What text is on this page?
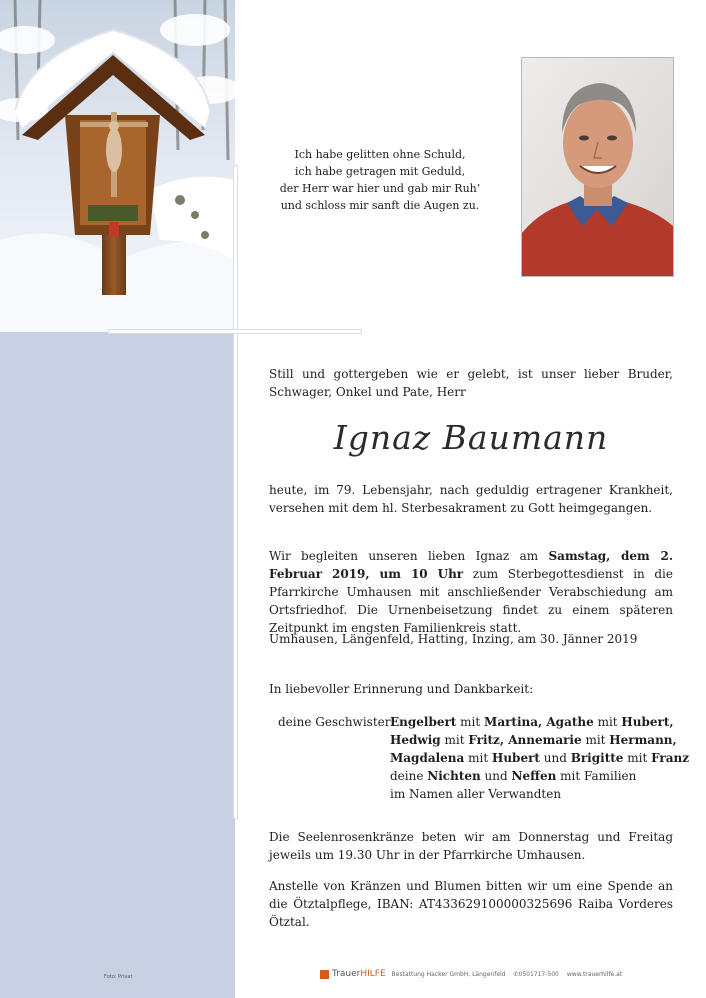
Ich habe gelitten ohne Schuld,
ich habe getragen mit Geduld,
der Herr war hier und gab mir Ruh’
und schloss mir sanft die Augen zu.
Still und gottergeben wie er gelebt, ist unser lieber Bruder, Schwager, Onkel und Pate, Herr
Ignaz Baumann
heute, im 79. Lebensjahr, nach geduldig ertragener Krankheit, versehen mit dem hl. Sterbesakrament zu Gott heimgegangen.
Wir begleiten unseren lieben Ignaz am Samstag, dem 2. Februar 2019, um 10 Uhr zum Sterbegottesdienst in die Pfarrkirche Umhausen mit anschließender Verabschiedung am Ortsfriedhof. Die Urnenbeisetzung findet zu einem späteren Zeitpunkt im engsten Familienkreis statt.
Umhausen, Längenfeld, Hatting, Inzing, am 30. Jänner 2019
In liebevoller Erinnerung und Dankbarkeit:
deine Geschwister:
Engelbert mit Martina, Agathe mit Hubert,
Hedwig mit Fritz, Annemarie mit Hermann,
Magdalena mit Hubert und Brigitte mit Franz
deine Nichten und Neffen mit Familien
im Namen aller Verwandten
Die Seelenrosenkränze beten wir am Donnerstag und Freitag jeweils um 19.30 Uhr in der Pfarrkirche Umhausen.
Anstelle von Kränzen und Blumen bitten wir um eine Spende an die Ötztalpflege, IBAN: AT433629100000325696 Raiba Vorderes Ötztal.
Foto: Privat	Trauer HILFE Bestattung Hacker GmbH, Längenfeld ✆0501717-500 www.trauerhilfe.at
